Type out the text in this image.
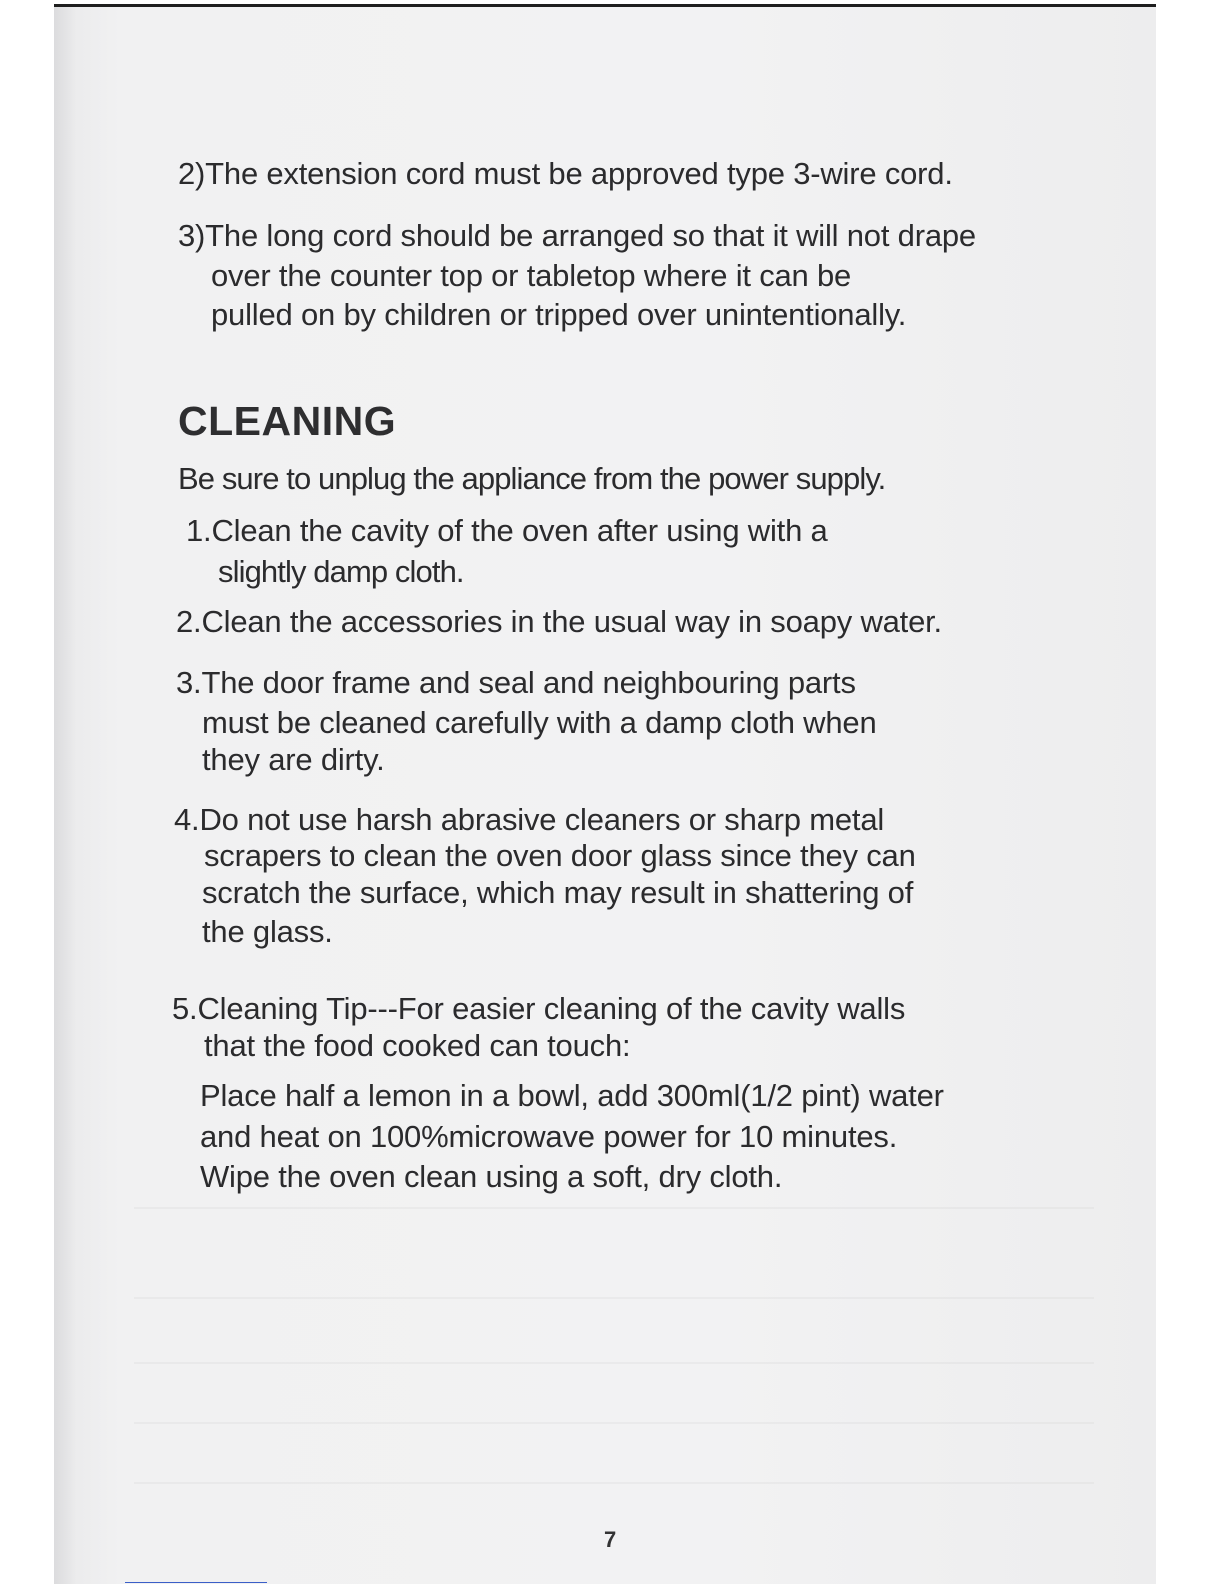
2)The extension cord must be approved type 3-wire cord.
3)The long cord should be arranged so that it will not drape
over the counter top or tabletop where it can be
pulled on by children or tripped over unintentionally.
CLEANING
Be sure to unplug the appliance from the power supply.
1.Clean the cavity of the oven after using with a
slightly damp cloth.
2.Clean the accessories in the usual way in soapy water.
3.The door frame and seal and neighbouring parts
must be cleaned carefully with a damp cloth when
they are dirty.
4.Do not use harsh abrasive cleaners or sharp metal
scrapers to clean the oven door glass since they can
scratch the surface, which may result in shattering of
the glass.
5.Cleaning Tip---For easier cleaning of the cavity walls
that the food cooked can touch:
Place half a lemon in a bowl, add 300ml(1/2 pint) water
and heat on 100%microwave power for 10 minutes.
Wipe the oven clean using a soft, dry cloth.
7
